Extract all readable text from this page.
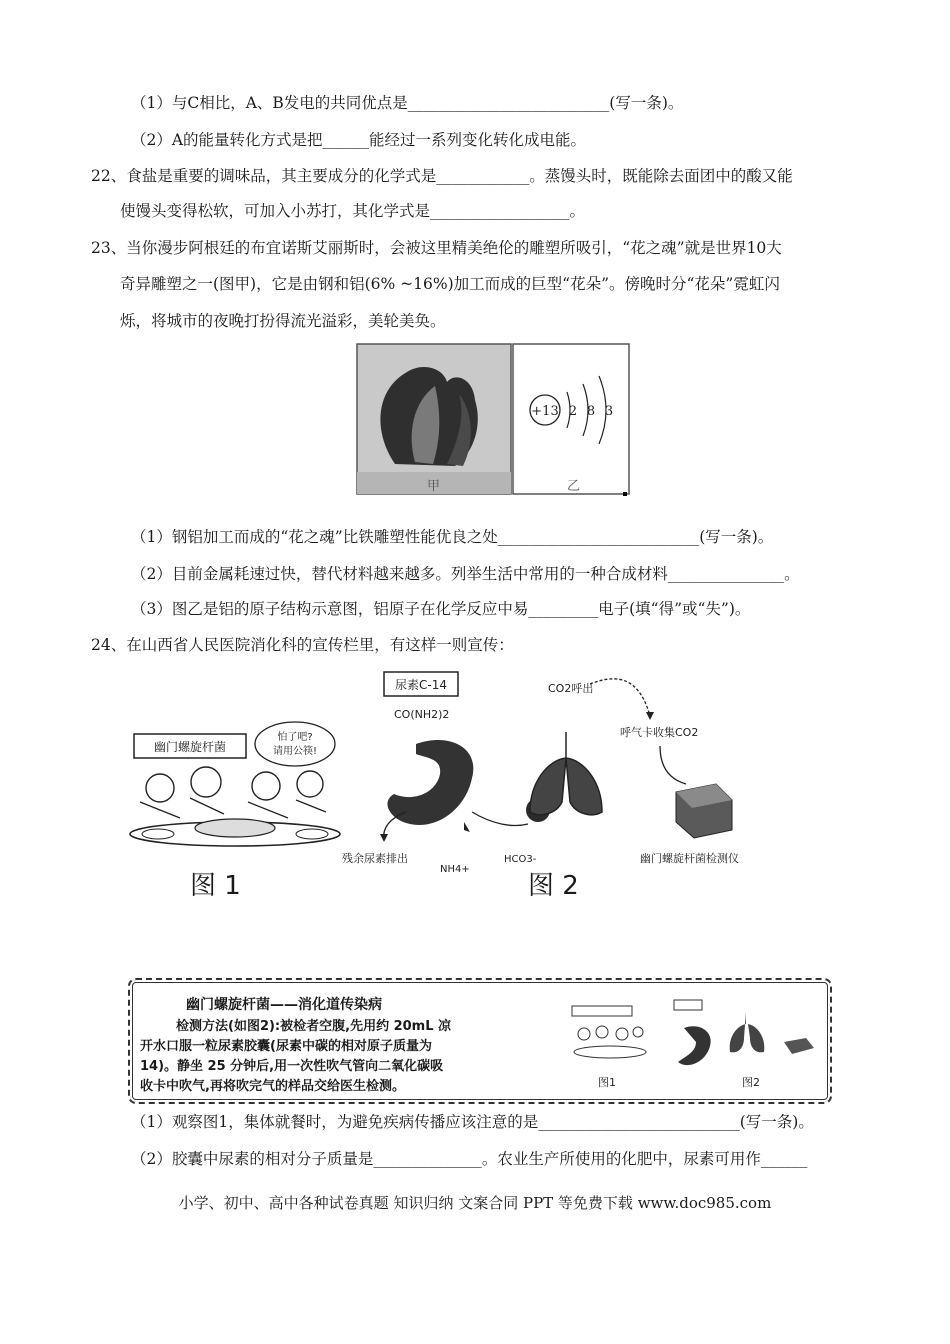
（1）与C相比，A、B发电的共同优点是__________________________(写一条)。
（2）A的能量转化方式是把______能经过一系列变化转化成电能。
22、食盐是重要的调味品，其主要成分的化学式是____________。蒸馒头时，既能除去面团中的酸又能
使馒头变得松软，可加入小苏打，其化学式是__________________。
23、当你漫步阿根廷的布宜诺斯艾丽斯时，会被这里精美绝伦的雕塑所吸引，“花之魂”就是世界10大
奇异雕塑之一(图甲)，它是由钢和铝(6% ~16%)加工而成的巨型“花朵”。傍晚时分“花朵”霓虹闪
烁，将城市的夜晚打扮得流光溢彩，美轮美奂。
甲
+13 2 8 3
乙
（1）钢铝加工而成的“花之魂”比铁雕塑性能优良之处__________________________(写一条)。
（2）目前金属耗速过快，替代材料越来越多。列举生活中常用的一种合成材料_______________。
（3）图乙是铝的原子结构示意图，铝原子在化学反应中易_________电子(填“得”或“失”)。
24、在山西省人民医院消化科的宣传栏里，有这样一则宣传：
幽门螺旋杆菌
怕了吧?
请用公筷!
图 1
尿素C-14
CO(NH2)2
残余尿素排出
NH4+
HCO3-
CO2呼出
呼气卡收集CO2
幽门螺旋杆菌检测仪
图 2
幽门螺旋杆菌——消化道传染病
检测方法(如图2):被检者空腹,先用约 20mL 凉
开水口服一粒尿素胶囊(尿素中碳的相对原子质量为
14)。静坐 25 分钟后,用一次性吹气管向二氧化碳吸
收卡中吹气,再将吹完气的样品交给医生检测。	图1	图2
（1）观察图1，集体就餐时，为避免疾病传播应该注意的是__________________________(写一条)。
（2）胶囊中尿素的相对分子质量是______________。农业生产所使用的化肥中，尿素可用作______
小学、初中、高中各种试卷真题 知识归纳 文案合同 PPT 等免费下载 www.doc985.com
